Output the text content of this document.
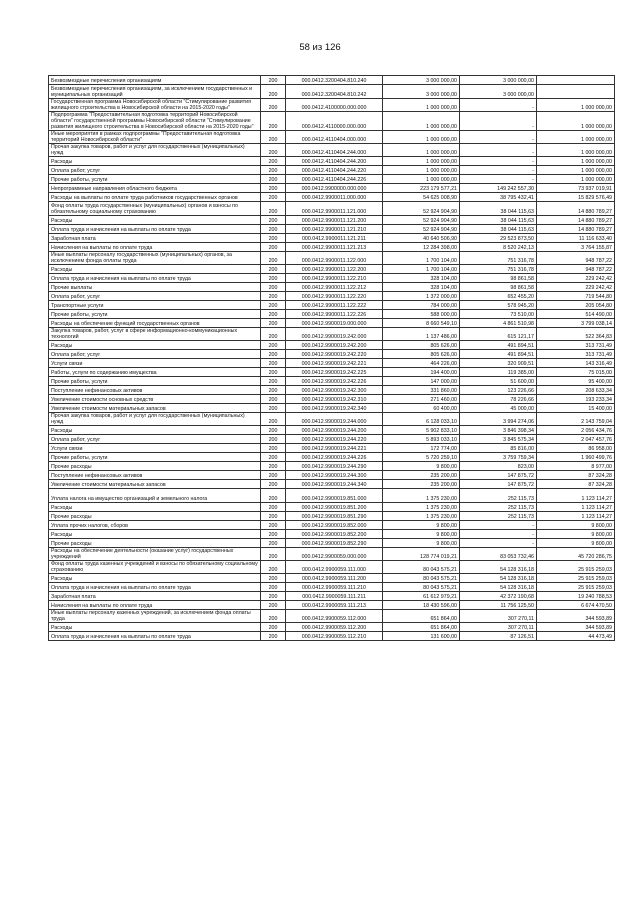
58 из 126
Безвозмездные перечисления организациям	200	000.0412.3200404.810.240	3 000 000,00	3 000 000,00	
Безвозмездные перечисления организациям, за исключением государственных и муниципальных организаций	200	000.0412.3200404.810.242	3 000 000,00	3 000 000,00	
Государственная программа Новосибирской области "Стимулирование развития жилищного строительства в Новосибирской области на 2015-2020 годы"	200	000.0412.4100000.000.000	1 000 000,00	-	1 000 000,00
Подпрограмма "Предоставительная подготовка территорий Новосибирской области" государственной программы Новосибирской области "Стимулирование развития жилищного строительства в Новосибирской области на 2015-2020 годы"	200	000.0412.4110000.000.000	1 000 000,00	-	1 000 000,00
Иные мероприятия в рамках подпрограммы "Предоставительная подготовка территорий Новосибирской области"	200	000.0412.4110404.000.000	1 000 000,00	-	1 000 000,00
Прочая закупка товаров, работ и услуг для государственных (муниципальных) нужд	200	000.0412.4110404.244.000	1 000 000,00	-	1 000 000,00
Расходы	200	000.0412.4110404.244.200	1 000 000,00	-	1 000 000,00
Оплата работ, услуг	200	000.0412.4110404.244.220	1 000 000,00	-	1 000 000,00
Прочие работы, услуги	200	000.0412.4110404.244.226	1 000 000,00	-	1 000 000,00
Непрограммные направления областного бюджета	200	000.0412.9900000.000.000	223 179 577,21	149 242 557,30	73 937 019,91
Расходы на выплаты по оплате труда работников государственных органов	200	000.0412.9900011.000.000	54 625 008,90	38 795 432,41	15 829 576,49
Фонд оплаты труда государственных (муниципальных) органов и взносы по обязательному социальному страхованию	200	000.0412.9900011.121.000	52 924 904,90	38 044 115,63	14 880 789,27
Расходы	200	000.0412.9900011.121.200	52 924 904,90	38 044 115,63	14 880 789,27
Оплата труда и начисления на выплаты по оплате труда	200	000.0412.9900011.121.210	52 924 904,90	38 044 115,63	14 880 789,27
Заработная плата	200	000.0412.9900011.121.211	40 640 506,90	29 523 873,50	11 116 633,40
Начисления на выплаты по оплате труда	200	000.0412.9900011.121.213	12 284 398,00	8 520 242,13	3 764 155,87
Иные выплаты персоналу государственных (муниципальных) органов, за исключением фонда оплаты труда	200	000.0412.9900011.122.000	1 700 104,00	751 316,78	948 787,22
Расходы	200	000.0412.9900011.122.200	1 700 104,00	751 316,78	948 787,22
Оплата труда и начисления на выплаты по оплате труда	200	000.0412.9900011.122.210	328 104,00	98 861,58	229 242,42
Прочие выплаты	200	000.0412.9900011.122.212	328 104,00	98 861,58	229 242,42
Оплата работ, услуг	200	000.0412.9900011.122.220	1 372 000,00	652 455,20	719 544,80
Транспортные услуги	200	000.0412.9900011.122.222	784 000,00	578 945,20	205 054,80
Прочие работы, услуги	200	000.0412.9900011.122.226	588 000,00	73 510,00	514 490,00
Расходы на обеспечение функций государственных органов	200	000.0412.9900019.000.000	8 660 549,10	4 861 510,98	3 799 038,14
Закупка товаров, работ, услуг в сфере информационно-коммуникационных технологий	200	000.0412.9900019.242.000	1 137 486,00	615 121,17	522 364,83
Расходы	200	000.0412.9900019.242.200	805 626,00	491 894,51	313 731,49
Оплата работ, услуг	200	000.0412.9900019.242.220	805 626,00	491 894,51	313 731,49
Услуги связи	200	000.0412.9900019.242.221	464 226,00	320 909,51	143 316,49
Работы, услуги по содержанию имущества	200	000.0412.9900019.242.225	194 400,00	119 385,00	75 015,00
Прочие работы, услуги	200	000.0412.9900019.242.226	147 000,00	51 600,00	95 400,00
Поступление нефинансовых активов	200	000.0412.9900019.242.300	331 860,00	123 226,66	208 633,34
Увеличение стоимости основных средств	200	000.0412.9900019.242.310	271 460,00	78 226,66	193 233,34
Увеличение стоимости материальных запасов	200	000.0412.9900019.242.340	60 400,00	45 000,00	15 400,00
Прочая закупка товаров, работ и услуг для государственных (муниципальных) нужд	200	000.0412.9900019.244.000	6 128 033,10	3 994 274,06	2 143 759,04
Расходы	200	000.0412.9900019.244.200	5 902 833,10	3 846 398,34	2 056 434,76
Оплата работ, услуг	200	000.0412.9900019.244.220	5 893 033,10	3 845 575,34	2 047 457,76
Услуги связи	200	000.0412.9900019.244.221	172 774,00	85 816,00	86 958,00
Прочие работы, услуги	200	000.0412.9900019.244.226	5 720 259,10	3 759 759,34	1 960 499,76
Прочие расходы	200	000.0412.9900019.244.290	9 800,00	823,00	8 977,00
Поступление нефинансовых активов	200	000.0412.9900019.244.300	235 200,00	147 875,72	87 324,28
Увеличение стоимости материальных запасов	200	000.0412.9900019.244.340	235 200,00	147 875,72	87 324,28
Уплата налога на имущество организаций и земельного налога	200	000.0412.9900019.851.000	1 375 230,00	252 115,73	1 123 114,27
Расходы	200	000.0412.9900019.851.200	1 375 230,00	252 115,73	1 123 114,27
Прочие расходы	200	000.0412.9900019.851.290	1 375 230,00	252 115,73	1 123 114,27
Уплата прочих налогов, сборов	200	000.0412.9900019.852.000	9 800,00	-	9 800,00
Расходы	200	000.0412.9900019.852.200	9 800,00	-	9 800,00
Прочие расходы	200	000.0412.9900019.852.290	9 800,00	-	9 800,00
Расходы на обеспечение деятельности (оказание услуг) государственных учреждений	200	000.0412.9900059.000.000	128 774 019,21	83 053 732,46	45 720 286,75
Фонд оплаты труда казенных учреждений и взносы по обязательному социальному страхованию	200	000.0412.9900059.111.000	80 043 575,21	54 128 316,18	25 915 259,03
Расходы	200	000.0412.9900059.111.200	80 043 575,21	54 128 316,18	25 915 259,03
Оплата труда и начисления на выплаты по оплате труда	200	000.0412.9900059.111.210	80 043 575,21	54 128 316,18	25 915 259,03
Заработная плата	200	000.0412.9900059.111.211	61 612 979,21	42 372 190,68	19 240 788,53
Начисления на выплаты по оплате труда	200	000.0412.9900059.111.213	18 430 596,00	11 756 125,50	6 674 470,50
Иные выплаты персоналу казенных учреждений, за исключением фонда оплаты труда	200	000.0412.9900059.112.000	651 864,00	307 270,11	344 593,89
Расходы	200	000.0412.9900059.112.200	651 864,00	307 270,11	344 593,89
Оплата труда и начисления на выплаты по оплате труда	200	000.0412.9900059.112.210	131 600,00	87 126,51	44 473,49
